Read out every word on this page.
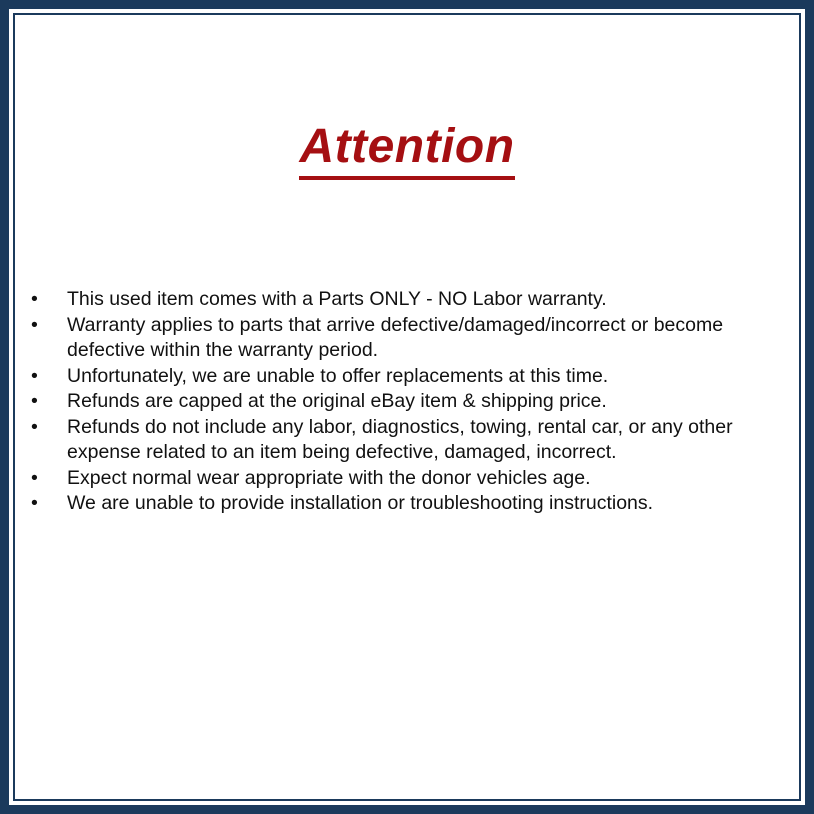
Attention
•	This used item comes with a Parts ONLY - NO Labor warranty.
•	Warranty applies to parts that arrive defective/damaged/incorrect or become defective within the warranty period.
•	Unfortunately, we are unable to offer replacements at this time.
•	Refunds are capped at the original eBay item & shipping price.
•	Refunds do not include any labor, diagnostics, towing, rental car, or any other expense related to an item being defective, damaged, incorrect.
•	Expect normal wear appropriate with the donor vehicles age.
•	We are unable to provide installation or troubleshooting instructions.
